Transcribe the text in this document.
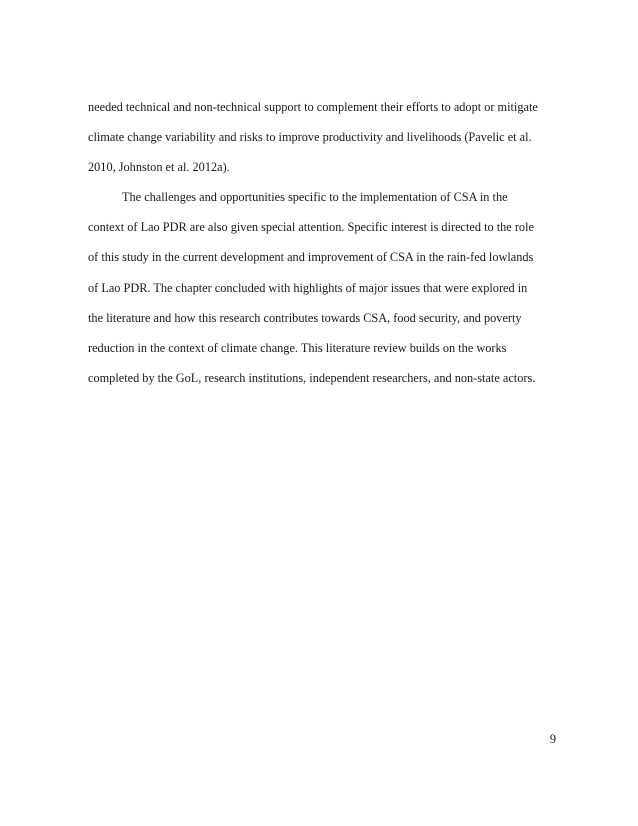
needed technical and non-technical support to complement their efforts to adopt or mitigate
climate change variability and risks to improve productivity and livelihoods (Pavelic et al.
2010, Johnston et al. 2012a).
The challenges and opportunities specific to the implementation of CSA in the
context of Lao PDR are also given special attention. Specific interest is directed to the role
of this study in the current development and improvement of CSA in the rain-fed lowlands
of Lao PDR. The chapter concluded with highlights of major issues that were explored in
the literature and how this research contributes towards CSA, food security, and poverty
reduction in the context of climate change. This literature review builds on the works
completed by the GoL, research institutions, independent researchers, and non-state actors.
9
